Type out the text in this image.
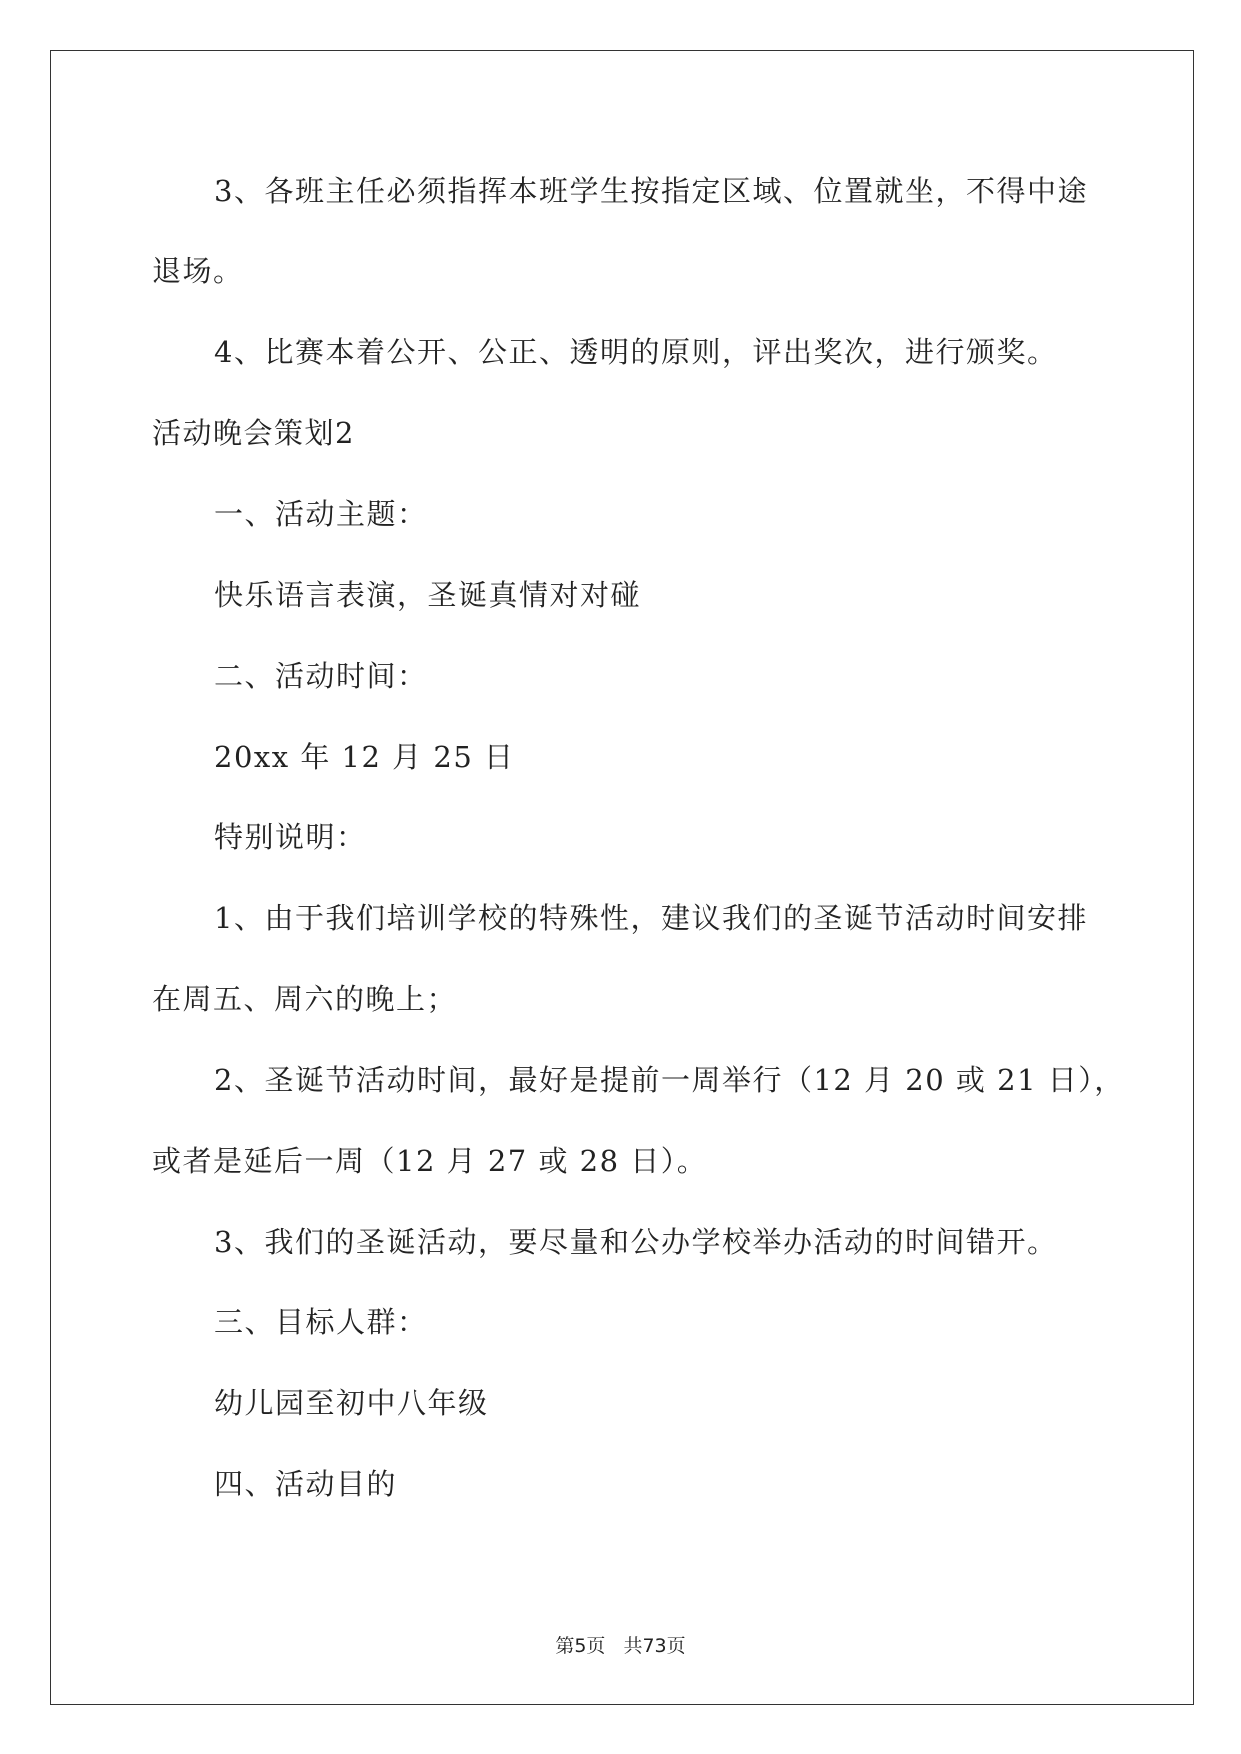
3、各班主任必须指挥本班学生按指定区域、位置就坐，不得中途
退场。
4、比赛本着公开、公正、透明的原则，评出奖次，进行颁奖。
活动晚会策划2
一、活动主题：
快乐语言表演，圣诞真情对对碰
二、活动时间：
20xx 年 12 月 25 日
特别说明：
1、由于我们培训学校的特殊性，建议我们的圣诞节活动时间安排
在周五、周六的晚上；
2、圣诞节活动时间，最好是提前一周举行（12 月 20 或 21 日），
或者是延后一周（12 月 27 或 28 日）。
3、我们的圣诞活动，要尽量和公办学校举办活动的时间错开。
三、目标人群：
幼儿园至初中八年级
四、活动目的
第5页 共73页
